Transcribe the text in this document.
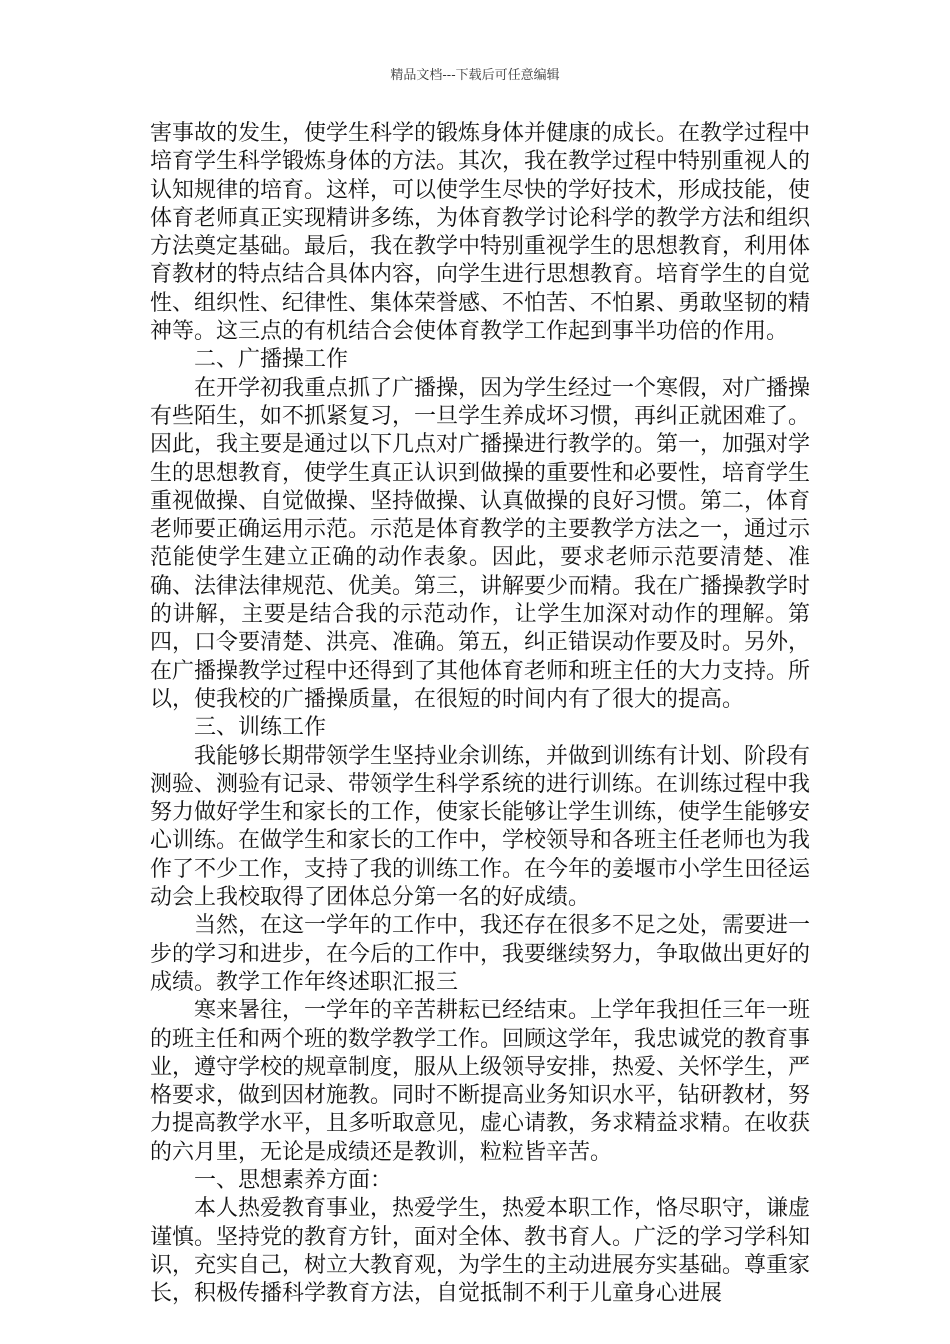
精品文档---下载后可任意编辑

害事故的发生，使学生科学的锻炼身体并健康的成长。在教学过程中培育学生科学锻炼身体的方法。其次，我在教学过程中特别重视人的认知规律的培育。这样，可以使学生尽快的学好技术，形成技能，使体育老师真正实现精讲多练，为体育教学讨论科学的教学方法和组织方法奠定基础。最后，我在教学中特别重视学生的思想教育，利用体育教材的特点结合具体内容，向学生进行思想教育。培育学生的自觉性、组织性、纪律性、集体荣誉感、不怕苦、不怕累、勇敢坚韧的精神等。这三点的有机结合会使体育教学工作起到事半功倍的作用。

二、广播操工作

在开学初我重点抓了广播操，因为学生经过一个寒假，对广播操有些陌生，如不抓紧复习，一旦学生养成坏习惯，再纠正就困难了。因此，我主要是通过以下几点对广播操进行教学的。第一，加强对学生的思想教育，使学生真正认识到做操的重要性和必要性，培育学生重视做操、自觉做操、坚持做操、认真做操的良好习惯。第二，体育老师要正确运用示范。示范是体育教学的主要教学方法之一，通过示范能使学生建立正确的动作表象。因此，要求老师示范要清楚、准确、法律法律规范、优美。第三，讲解要少而精。我在广播操教学时的讲解，主要是结合我的示范动作，让学生加深对动作的理解。第四，口令要清楚、洪亮、准确。第五，纠正错误动作要及时。另外，在广播操教学过程中还得到了其他体育老师和班主任的大力支持。所以，使我校的广播操质量，在很短的时间内有了很大的提高。

三、训练工作

我能够长期带领学生坚持业余训练，并做到训练有计划、阶段有测验、测验有记录、带领学生科学系统的进行训练。在训练过程中我努力做好学生和家长的工作，使家长能够让学生训练，使学生能够安心训练。在做学生和家长的工作中，学校领导和各班主任老师也为我作了不少工作，支持了我的训练工作。在今年的姜堰市小学生田径运动会上我校取得了团体总分第一名的好成绩。

当然，在这一学年的工作中，我还存在很多不足之处，需要进一步的学习和进步，在今后的工作中，我要继续努力，争取做出更好的成绩。教学工作年终述职汇报三

寒来暑往，一学年的辛苦耕耘已经结束。上学年我担任三年一班的班主任和两个班的数学教学工作。回顾这学年，我忠诚党的教育事业，遵守学校的规章制度，服从上级领导安排，热爱、关怀学生，严格要求，做到因材施教。同时不断提高业务知识水平，钻研教材，努力提高教学水平，且多听取意见，虚心请教，务求精益求精。在收获的六月里，无论是成绩还是教训，粒粒皆辛苦。

一、思想素养方面：

本人热爱教育事业，热爱学生，热爱本职工作，恪尽职守，谦虚谨慎。坚持党的教育方针，面对全体、教书育人。广泛的学习学科知识，充实自己，树立大教育观，为学生的主动进展夯实基础。尊重家长，积极传播科学教育方法，自觉抵制不利于儿童身心进展
